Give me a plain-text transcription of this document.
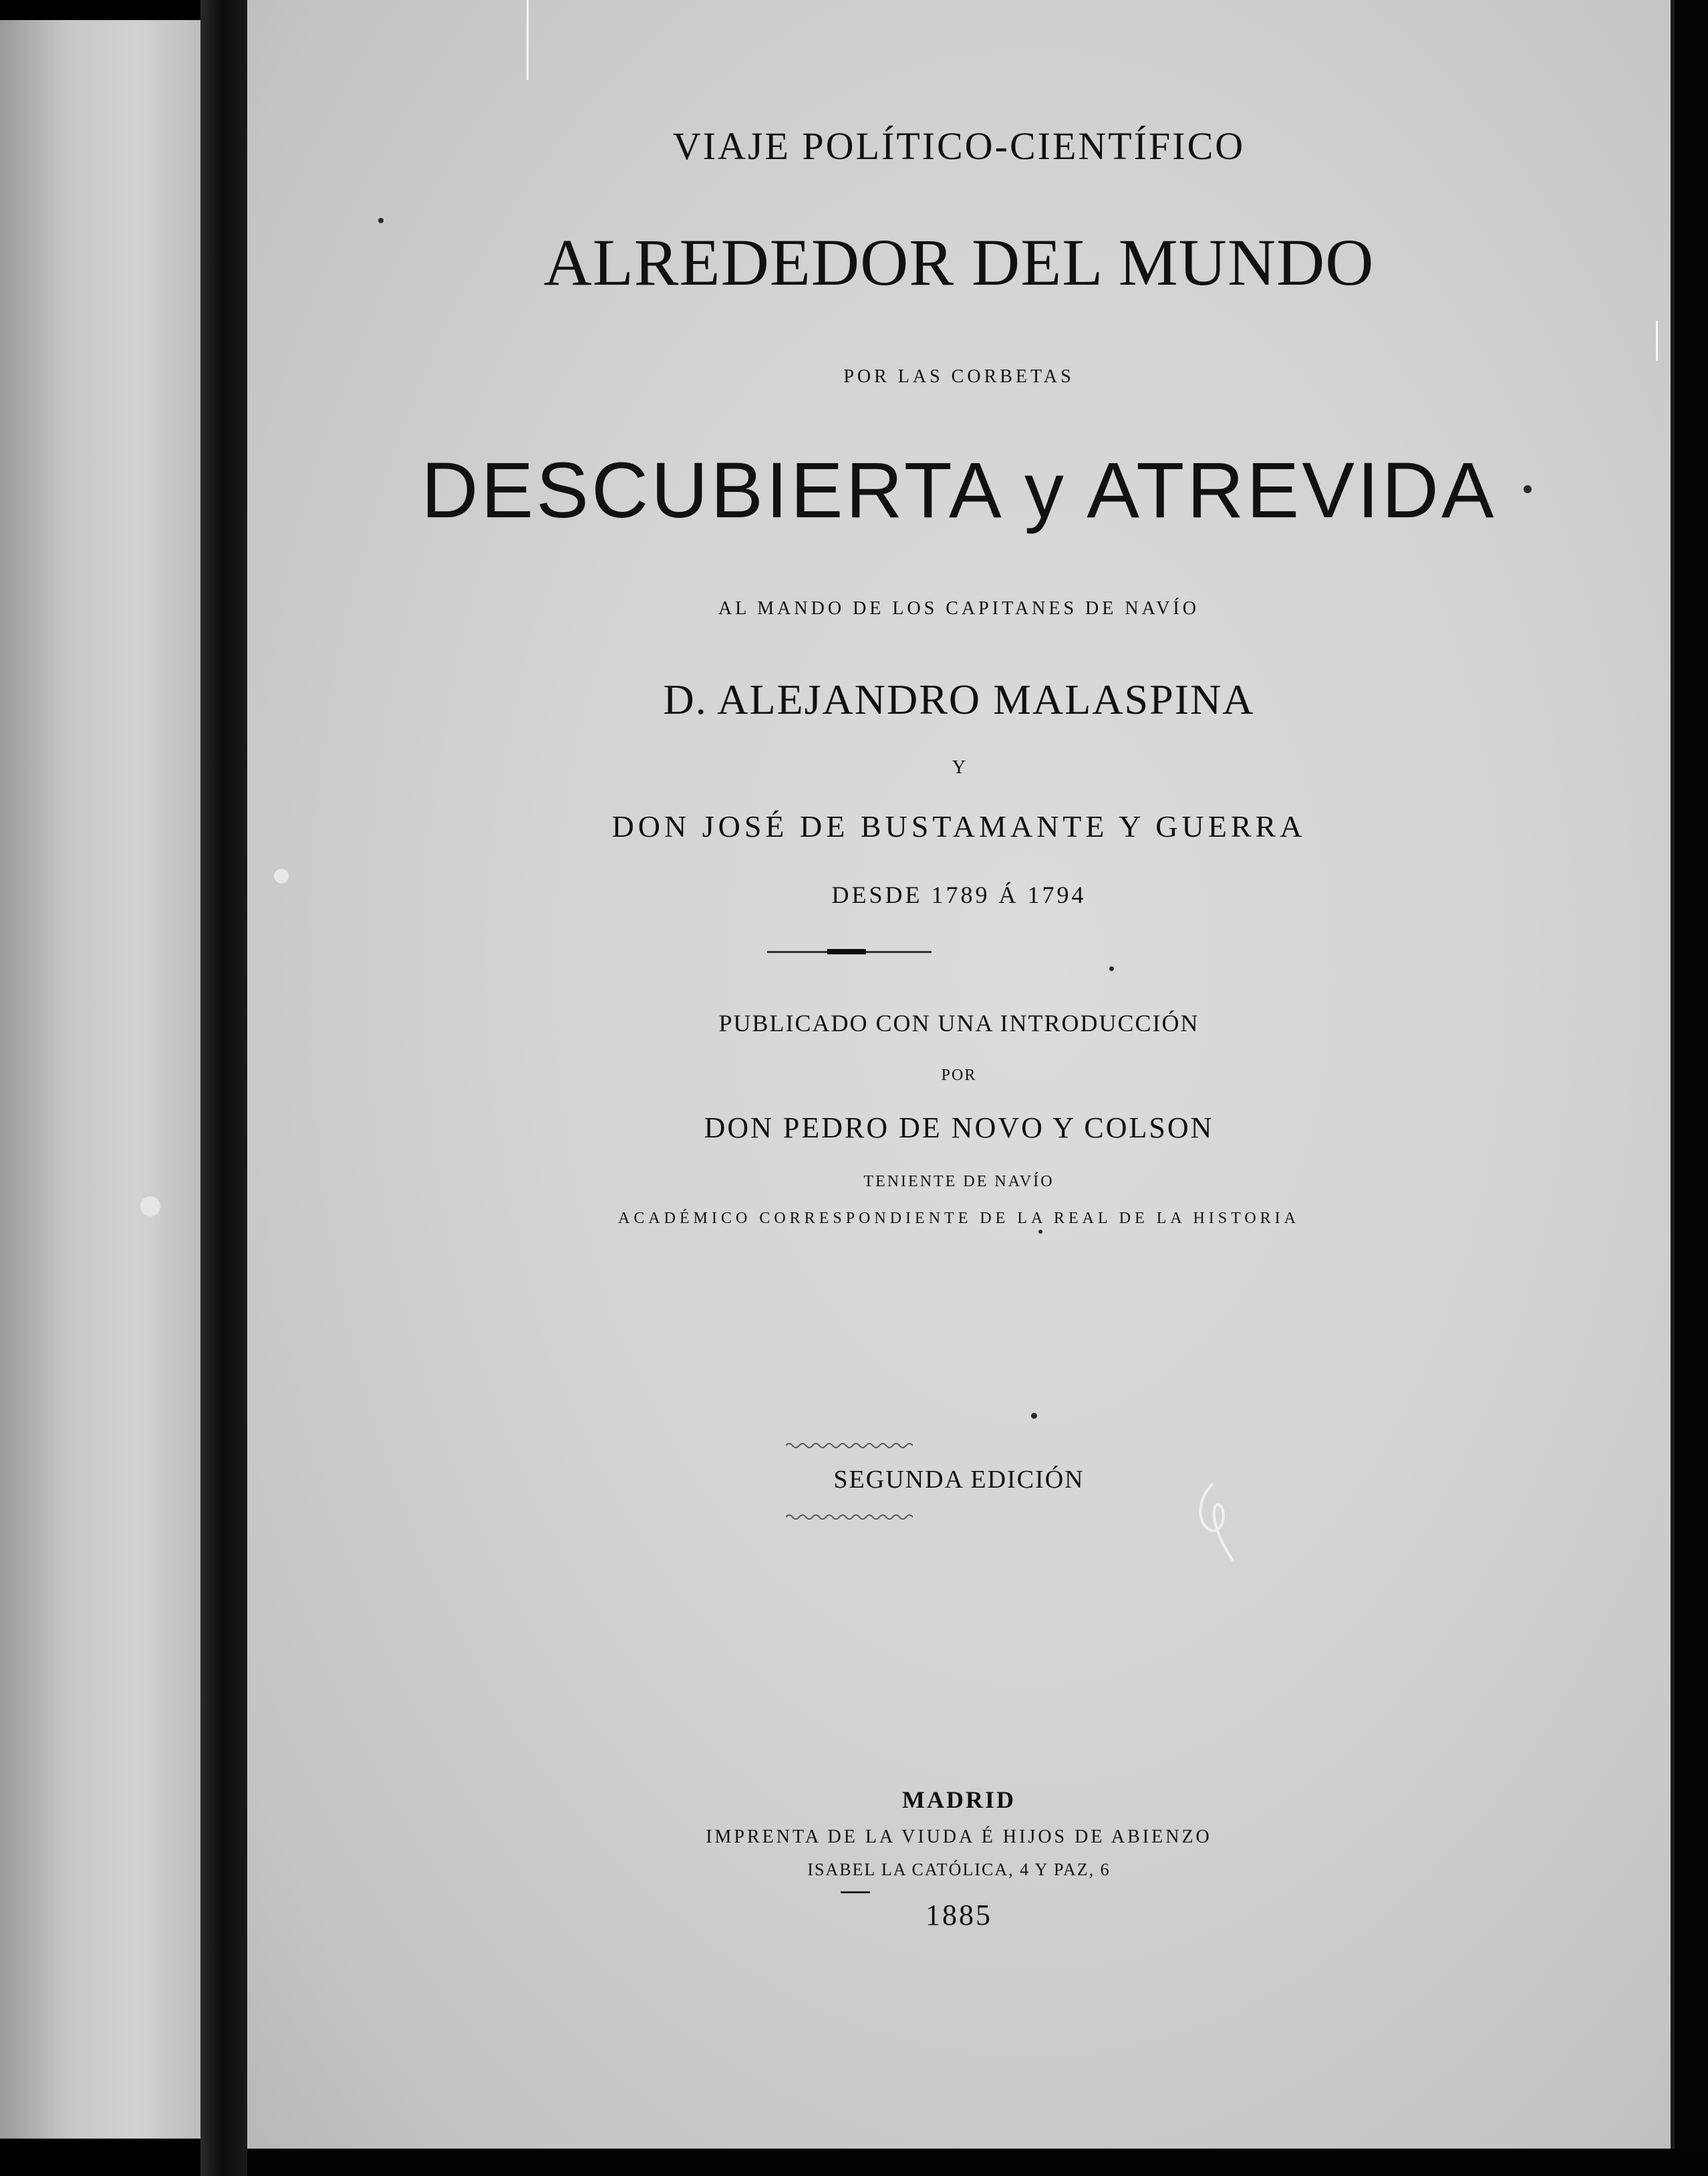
VIAJE POLÍTICO-CIENTÍFICO
ALREDEDOR DEL MUNDO
POR LAS CORBETAS
DESCUBIERTA y ATREVIDA
AL MANDO DE LOS CAPITANES DE NAVÍO
D. ALEJANDRO MALASPINA
Y
DON JOSÉ DE BUSTAMANTE Y GUERRA
DESDE 1789 Á 1794
PUBLICADO CON UNA INTRODUCCIÓN
POR
DON PEDRO DE NOVO Y COLSON
TENIENTE DE NAVÍO
ACADÉMICO CORRESPONDIENTE DE LA REAL DE LA HISTORIA
SEGUNDA EDICIÓN
MADRID
IMPRENTA DE LA VIUDA É HIJOS DE ABIENZO
ISABEL LA CATÓLICA, 4 Y PAZ, 6
1885
